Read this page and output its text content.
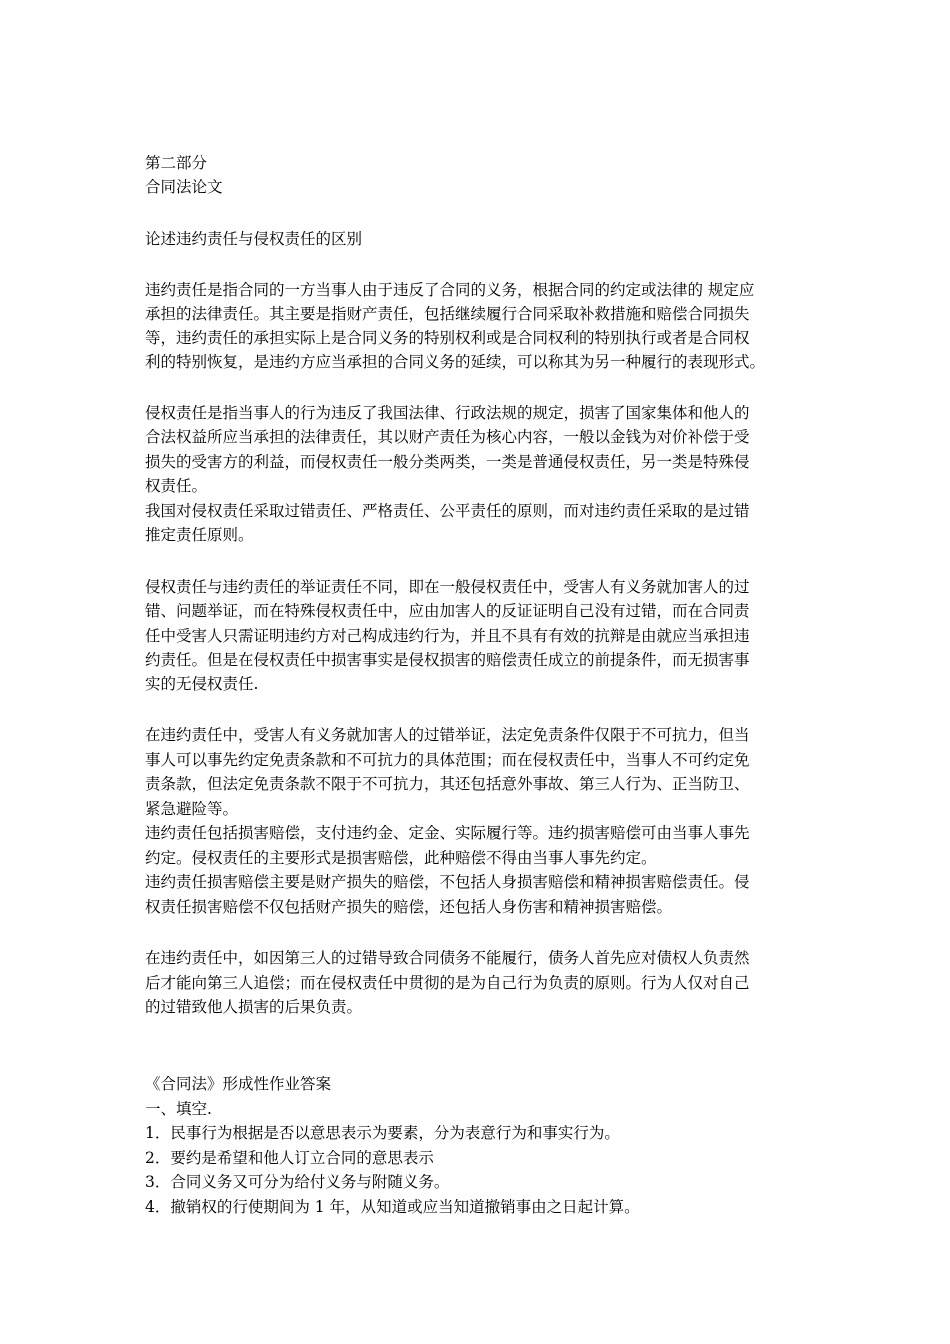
第二部分
合同法论文
论述违约责任与侵权责任的区别
违约责任是指合同的一方当事人由于违反了合同的义务，根据合同的约定或法律的 规定应
承担的法律责任。其主要是指财产责任，包括继续履行合同采取补救措施和赔偿合同损失
等，违约责任的承担实际上是合同义务的特别权利或是合同权利的特别执行或者是合同权
利的特别恢复，是违约方应当承担的合同义务的延续，可以称其为另一种履行的表现形式。
侵权责任是指当事人的行为违反了我国法律、行政法规的规定，损害了国家集体和他人的
合法权益所应当承担的法律责任，其以财产责任为核心内容，一般以金钱为对价补偿于受
损失的受害方的利益，而侵权责任一般分类两类，一类是普通侵权责任，另一类是特殊侵
权责任。
我国对侵权责任采取过错责任、严格责任、公平责任的原则，而对违约责任采取的是过错
推定责任原则。
侵权责任与违约责任的举证责任不同，即在一般侵权责任中，受害人有义务就加害人的过
错、问题举证，而在特殊侵权责任中，应由加害人的反证证明自己没有过错，而在合同责
任中受害人只需证明违约方对己构成违约行为，并且不具有有效的抗辩是由就应当承担违
约责任。但是在侵权责任中损害事实是侵权损害的赔偿责任成立的前提条件，而无损害事
实的无侵权责任.
在违约责任中，受害人有义务就加害人的过错举证，法定免责条件仅限于不可抗力，但当
事人可以事先约定免责条款和不可抗力的具体范围；而在侵权责任中，当事人不可约定免
责条款，但法定免责条款不限于不可抗力，其还包括意外事故、第三人行为、正当防卫、
紧急避险等。
违约责任包括损害赔偿，支付违约金、定金、实际履行等。违约损害赔偿可由当事人事先
约定。侵权责任的主要形式是损害赔偿，此种赔偿不得由当事人事先约定。
违约责任损害赔偿主要是财产损失的赔偿，不包括人身损害赔偿和精神损害赔偿责任。侵
权责任损害赔偿不仅包括财产损失的赔偿，还包括人身伤害和精神损害赔偿。
在违约责任中，如因第三人的过错导致合同债务不能履行，债务人首先应对债权人负责然
后才能向第三人追偿；而在侵权责任中贯彻的是为自己行为负责的原则。行为人仅对自己
的过错致他人损害的后果负责。
《合同法》形成性作业答案
一、填空.
1．民事行为根据是否以意思表示为要素，分为表意行为和事实行为。
2．要约是希望和他人订立合同的意思表示
3．合同义务又可分为给付义务与附随义务。
4．撤销权的行使期间为 1 年，从知道或应当知道撤销事由之日起计算。
